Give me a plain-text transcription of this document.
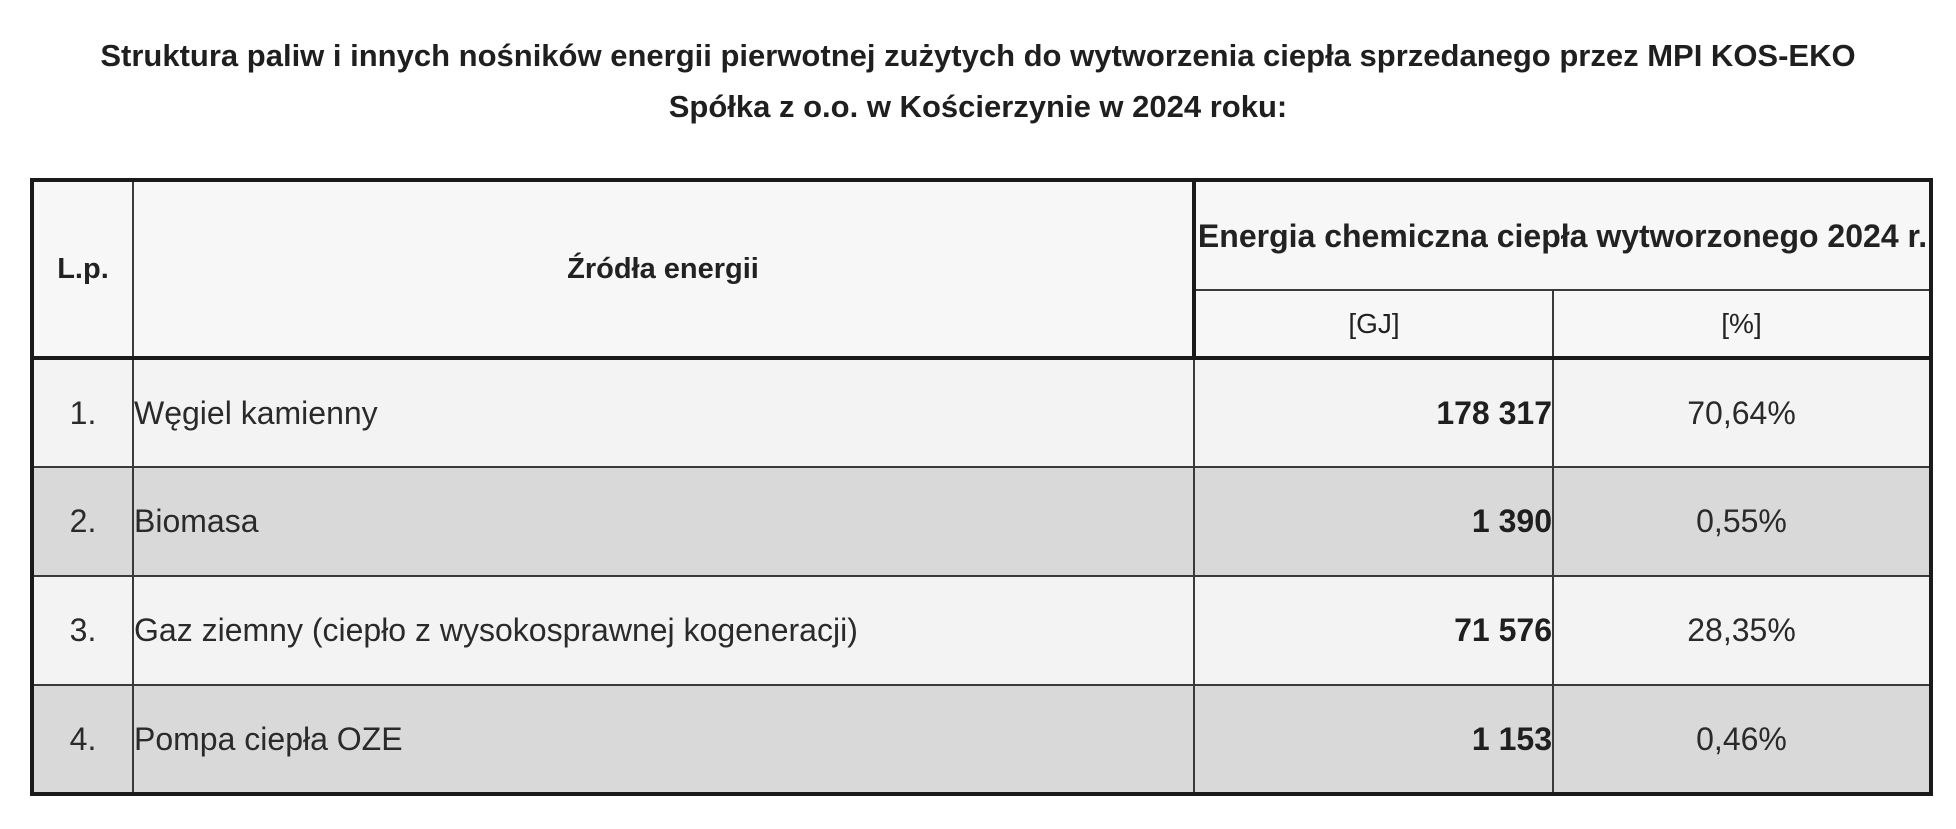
Struktura paliw i innych nośników energii pierwotnej zużytych do wytworzenia ciepła sprzedanego przez MPI KOS-EKO
Spółka z o.o. w Kościerzynie w 2024 roku:
L.p.	Źródła energii	Energia chemiczna ciepła wytworzonego 2024 r.	
		[GJ]	[%]
1.	Węgiel kamienny	178 317	70,64%
2.	Biomasa	1 390	0,55%
3.	Gaz ziemny (ciepło z wysokosprawnej kogeneracji)	71 576	28,35%
4.	Pompa ciepła OZE	1 153	0,46%
